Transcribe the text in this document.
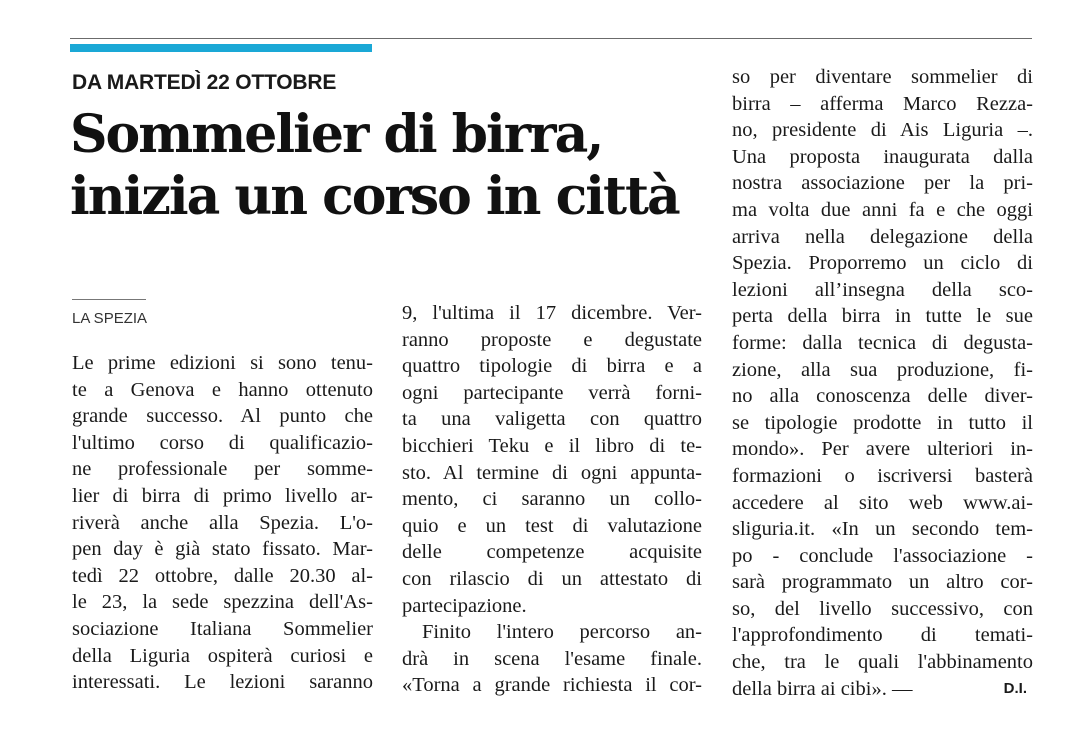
DA MARTEDÌ 22 OTTOBRE
Sommelier di birra,
inizia un corso in città
LA SPEZIA
Le prime edizioni si sono tenu-
te a Genova e hanno ottenuto
grande successo. Al punto che
l'ultimo corso di qualificazio-
ne professionale per somme-
lier di birra di primo livello ar-
riverà anche alla Spezia. L'o-
pen day è già stato fissato. Mar-
tedì 22 ottobre, dalle 20.30 al-
le 23, la sede spezzina dell'As-
sociazione Italiana Sommelier
della Liguria ospiterà curiosi e
interessati. Le lezioni saranno
9, l'ultima il 17 dicembre. Ver-
ranno proposte e degustate
quattro tipologie di birra e a
ogni partecipante verrà forni-
ta una valigetta con quattro
bicchieri Teku e il libro di te-
sto. Al termine di ogni appunta-
mento, ci saranno un collo-
quio e un test di valutazione
delle competenze acquisite
con rilascio di un attestato di
partecipazione.
Finito l'intero percorso an-
drà in scena l'esame finale.
«Torna a grande richiesta il cor-
so per diventare sommelier di
birra – afferma Marco Rezza-
no, presidente di Ais Liguria –.
Una proposta inaugurata dalla
nostra associazione per la pri-
ma volta due anni fa e che oggi
arriva nella delegazione della
Spezia. Proporremo un ciclo di
lezioni all’insegna della sco-
perta della birra in tutte le sue
forme: dalla tecnica di degusta-
zione, alla sua produzione, fi-
no alla conoscenza delle diver-
se tipologie prodotte in tutto il
mondo». Per avere ulteriori in-
formazioni o iscriversi basterà
accedere al sito web www.ai-
sliguria.it. «In un secondo tem-
po - conclude l'associazione -
sarà programmato un altro cor-
so, del livello successivo, con
l'approfondimento di temati-
che, tra le quali l'abbinamento
della birra ai cibi». —	D.I.
